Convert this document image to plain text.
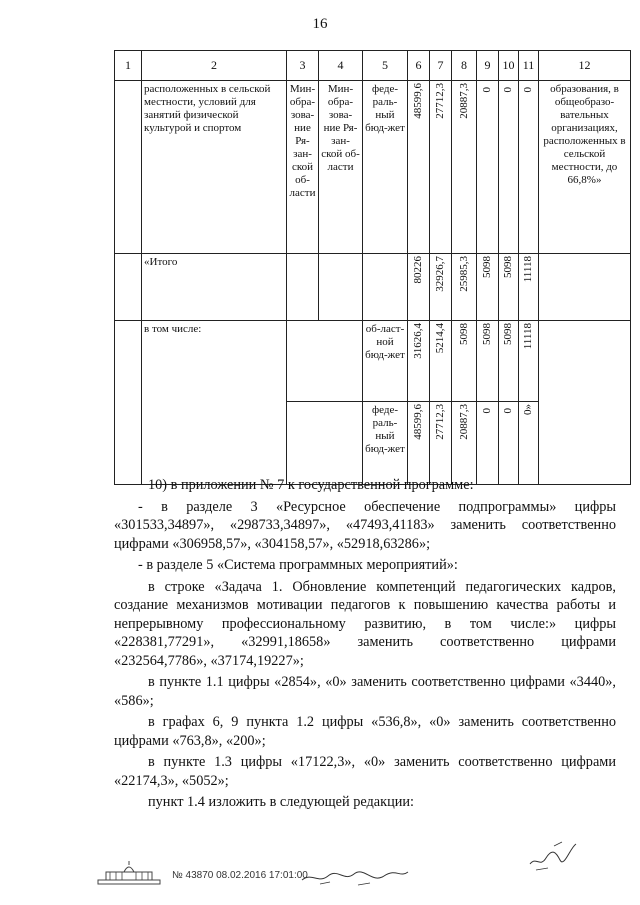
16
1	2	3	4	5	6	7	8	9	10	11	12
	расположенных в сельской местности, условий для занятий физической культурой и спортом	Мин-обра-зова-ние Ря-зан-ской об-ласти	Мин-обра-зова-ние Ря-зан-ской об-ласти	феде-раль-ный бюд-жет	48599,6	27712,3	20887,3	0	0	0	образования, в общеобразо-вательных организациях, расположенных в сельской местности, до 66,8%»
	«Итого				80226	32926,7	25985,3	5098	5098	11118	
	в том числе:			об-ласт-ной бюд-жет	31626,4	5214,4	5098	5098	5098	11118	
				феде-раль-ный бюд-жет	48599,6	27712,3	20887,3	0	0	0»	

10) в приложении № 7 к государственной программе:

- в разделе 3 «Ресурсное обеспечение подпрограммы» цифры «301533,34897», «298733,34897», «47493,41183» заменить соответственно цифрами «306958,57», «304158,57», «52918,63286»;

- в разделе 5 «Система программных мероприятий»:

в строке «Задача 1. Обновление компетенций педагогических кадров, создание механизмов мотивации педагогов к повышению качества работы и непрерывному профессиональному развитию, в том числе:» цифры «228381,77291», «32991,18658» заменить соответственно цифрами «232564,7786», «37174,19227»;

в пункте 1.1 цифры «2854», «0» заменить соответственно цифрами «3440», «586»;

в графах 6, 9 пункта 1.2 цифры «536,8», «0» заменить соответственно цифрами «763,8», «200»;

в пункте 1.3 цифры «17122,3», «0» заменить соответственно цифрами «22174,3», «5052»;

пункт 1.4 изложить в следующей редакции:

№ 43870 08.02.2016 17:01:00
